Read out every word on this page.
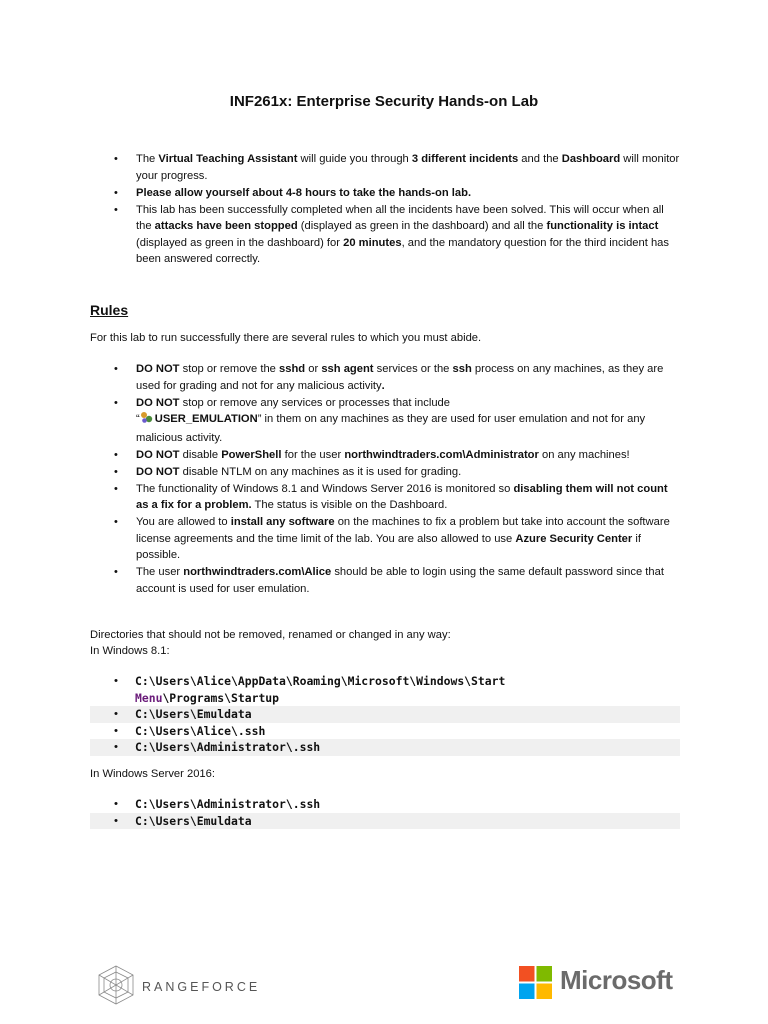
INF261x: Enterprise Security Hands-on Lab
• The Virtual Teaching Assistant will guide you through 3 different incidents and the Dashboard will monitor your progress.
• Please allow yourself about 4-8 hours to take the hands-on lab.
• This lab has been successfully completed when all the incidents have been solved. This will occur when all the attacks have been stopped (displayed as green in the dashboard) and all the functionality is intact (displayed as green in the dashboard) for 20 minutes, and the mandatory question for the third incident has been answered correctly.
Rules
For this lab to run successfully there are several rules to which you must abide.
• DO NOT stop or remove the sshd or ssh agent services or the ssh process on any machines, as they are used for grading and not for any malicious activity.
• DO NOT stop or remove any services or processes that include
“ USER_EMULATION” in them on any machines as they are used for user emulation and not for any malicious activity.
• DO NOT disable PowerShell for the user northwindtraders.com\Administrator on any machines!
• DO NOT disable NTLM on any machines as it is used for grading.
• The functionality of Windows 8.1 and Windows Server 2016 is monitored so disabling them will not count as a fix for a problem. The status is visible on the Dashboard.
• You are allowed to install any software on the machines to fix a problem but take into account the software license agreements and the time limit of the lab. You are also allowed to use Azure Security Center if possible.
• The user northwindtraders.com\Alice should be able to login using the same default password since that account is used for user emulation.
Directories that should not be removed, renamed or changed in any way:
In Windows 8.1:
• C:\Users\Alice\AppData\Roaming\Microsoft\Windows\Start
Menu\Programs\Startup
• C:\Users\Emuldata
• C:\Users\Alice\.ssh
• C:\Users\Administrator\.ssh
In Windows Server 2016:
• C:\Users\Administrator\.ssh
• C:\Users\Emuldata
RANGEFORCE	Microsoft
